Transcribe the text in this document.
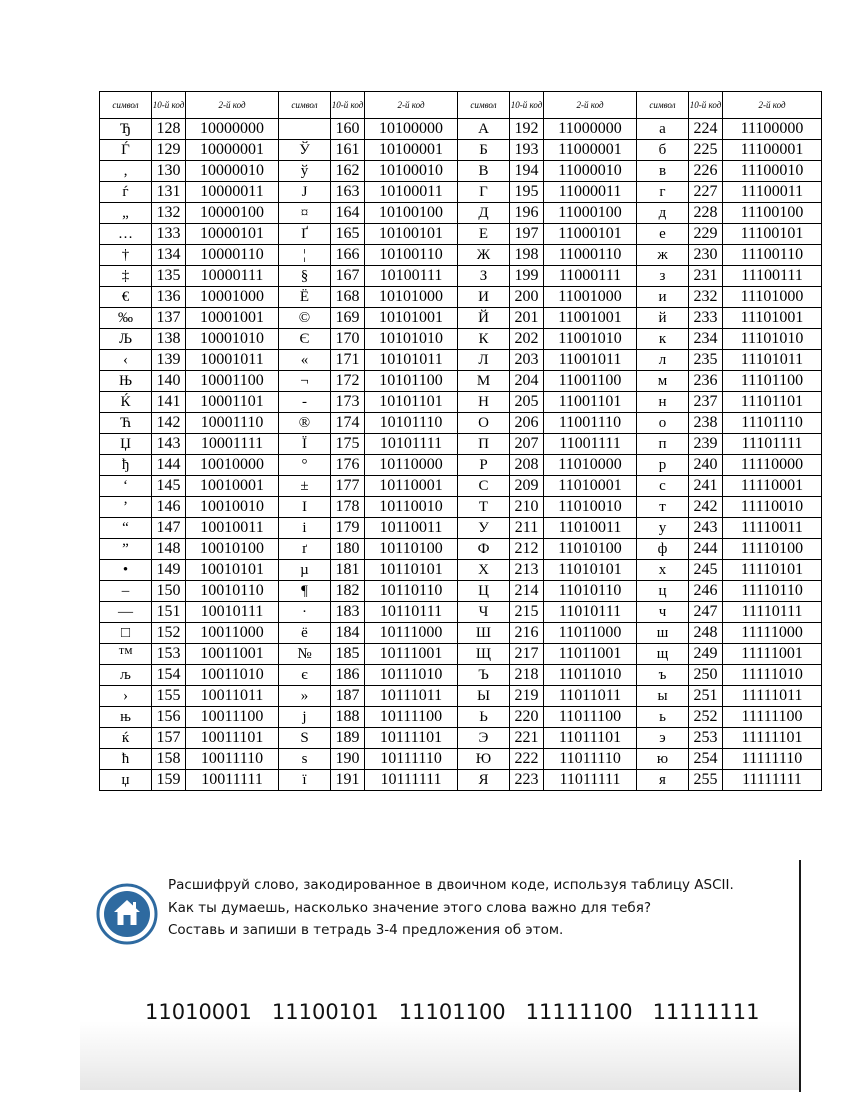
символ	10-й код	2-й код	символ	10-й код	2-й код	символ	10-й код	2-й код	символ	10-й код	2-й код
Ђ	128	10000000		160	10100000	А	192	11000000	а	224	11100000
Ѓ	129	10000001	Ў	161	10100001	Б	193	11000001	б	225	11100001
‚	130	10000010	ў	162	10100010	В	194	11000010	в	226	11100010
ѓ	131	10000011	Ј	163	10100011	Г	195	11000011	г	227	11100011
„	132	10000100	¤	164	10100100	Д	196	11000100	д	228	11100100
…	133	10000101	Ґ	165	10100101	Е	197	11000101	е	229	11100101
†	134	10000110	¦	166	10100110	Ж	198	11000110	ж	230	11100110
‡	135	10000111	§	167	10100111	З	199	11000111	з	231	11100111
€	136	10001000	Ё	168	10101000	И	200	11001000	и	232	11101000
‰	137	10001001	©	169	10101001	Й	201	11001001	й	233	11101001
Љ	138	10001010	Є	170	10101010	К	202	11001010	к	234	11101010
‹	139	10001011	«	171	10101011	Л	203	11001011	л	235	11101011
Њ	140	10001100	¬	172	10101100	М	204	11001100	м	236	11101100
Ќ	141	10001101	-	173	10101101	Н	205	11001101	н	237	11101101
Ћ	142	10001110	®	174	10101110	О	206	11001110	о	238	11101110
Џ	143	10001111	Ї	175	10101111	П	207	11001111	п	239	11101111
ђ	144	10010000	°	176	10110000	Р	208	11010000	р	240	11110000
‘	145	10010001	±	177	10110001	С	209	11010001	с	241	11110001
’	146	10010010	І	178	10110010	Т	210	11010010	т	242	11110010
“	147	10010011	і	179	10110011	У	211	11010011	у	243	11110011
”	148	10010100	ґ	180	10110100	Ф	212	11010100	ф	244	11110100
•	149	10010101	µ	181	10110101	Х	213	11010101	х	245	11110101
–	150	10010110	¶	182	10110110	Ц	214	11010110	ц	246	11110110
—	151	10010111	·	183	10110111	Ч	215	11010111	ч	247	11110111
□	152	10011000	ё	184	10111000	Ш	216	11011000	ш	248	11111000
™	153	10011001	№	185	10111001	Щ	217	11011001	щ	249	11111001
љ	154	10011010	є	186	10111010	Ъ	218	11011010	ъ	250	11111010
›	155	10011011	»	187	10111011	Ы	219	11011011	ы	251	11111011
њ	156	10011100	ј	188	10111100	Ь	220	11011100	ь	252	11111100
ќ	157	10011101	Ѕ	189	10111101	Э	221	11011101	э	253	11111101
ћ	158	10011110	ѕ	190	10111110	Ю	222	11011110	ю	254	11111110
џ	159	10011111	ї	191	10111111	Я	223	11011111	я	255	11111111
Расшифруй слово, закодированное в двоичном коде, используя таблицу ASCII.
Как ты думаешь, насколько значение этого слова важно для тебя?
Составь и запиши в тетрадь 3-4 предложения об этом.
11010001 11100101 11101100 11111100 11111111
